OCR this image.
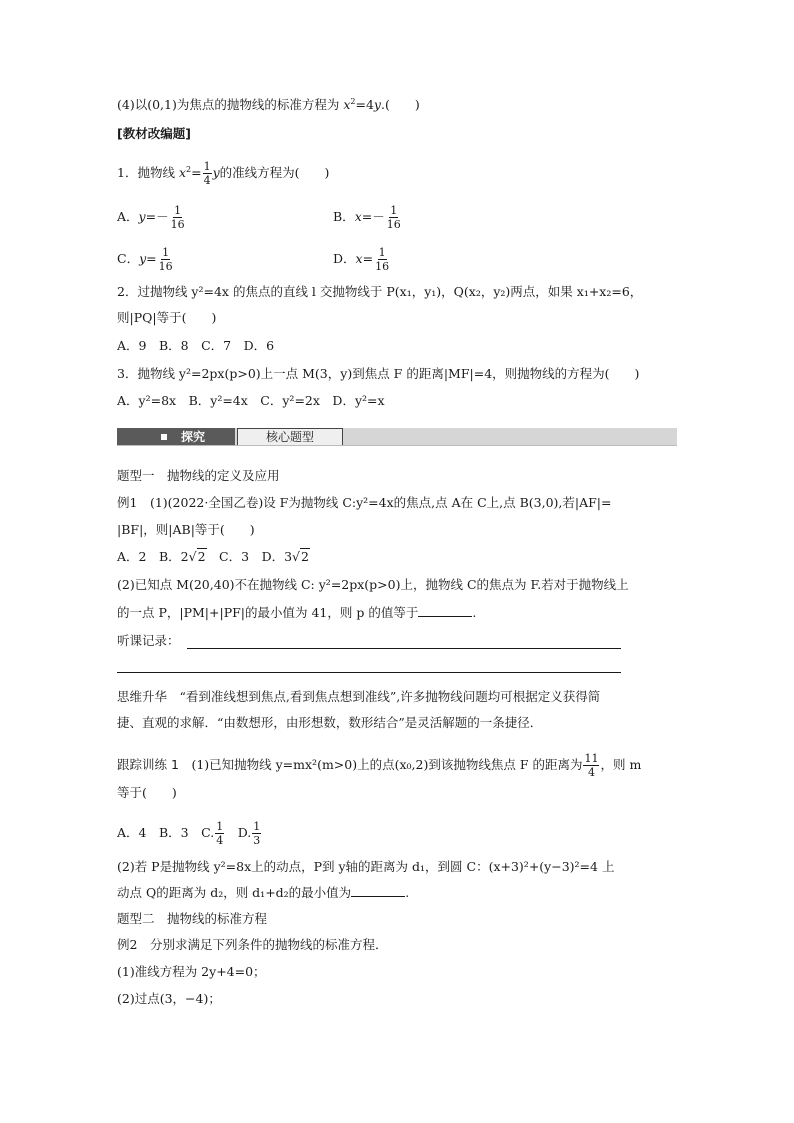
(4)以(0,1)为焦点的抛物线的标准方程为 $x^2=4y$.(　　)
[教材改编题]
1．抛物线 $x^2= \frac{1}{4}$ y的准线方程为(　　)
A．$y=- \frac{1}{16}$	B．$x=- \frac{1}{16}$
C．$y= \frac{1}{16}$	D．$x= \frac{1}{16}$
2．过抛物线 y²=4x 的焦点的直线 l 交抛物线于 P(x₁，y₁)，Q(x₂，y₂)两点，如果 x₁+x₂=6，
则|PQ|等于(　　)
A．9　B．8　C．7　D．6
3．抛物线 y²=2px(p>0)上一点 M(3，y)到焦点 F 的距离|MF|=4，则抛物线的方程为(　　)
A．y²=8x　B．y²=4x　C．y²=2x　D．y²=x
探究	核心题型
题型一　抛物线的定义及应用
例1　(1)(2022·全国乙卷)设 F为抛物线 C:y²=4x的焦点,点 A在 C上,点 B(3,0),若|AF|=
|BF|，则|AB|等于(　　)
A．2　B．2√2　C．3　D．3√2
(2)已知点 M(20,40)不在抛物线 C: y²=2px(p>0)上，抛物线 C的焦点为 F.若对于抛物线上
的一点 P，|PM|+|PF|的最小值为 41，则 p 的值等于	.
听课记录：
思维升华　“看到准线想到焦点,看到焦点想到准线”,许多抛物线问题均可根据定义获得简
捷、直观的求解．“由数想形，由形想数，数形结合”是灵活解题的一条捷径．
跟踪训练 1　(1)已知抛物线 y=mx²(m>0)上的点(x₀,2)到该抛物线焦点 F 的距离为 $\frac{11}{4}$ ，则 m
等于(　　)
A．4　B．3　C. $\frac{1}{4}$ 　D. $\frac{1}{3}$
(2)若 P是抛物线 y²=8x上的动点，P到 y轴的距离为 d₁，到圆 C：(x+3)²+(y−3)²=4 上
动点 Q的距离为 d₂，则 d₁+d₂的最小值为	.
题型二　抛物线的标准方程
例2　分别求满足下列条件的抛物线的标准方程．
(1)准线方程为 2y+4=0；
(2)过点(3，−4)；
